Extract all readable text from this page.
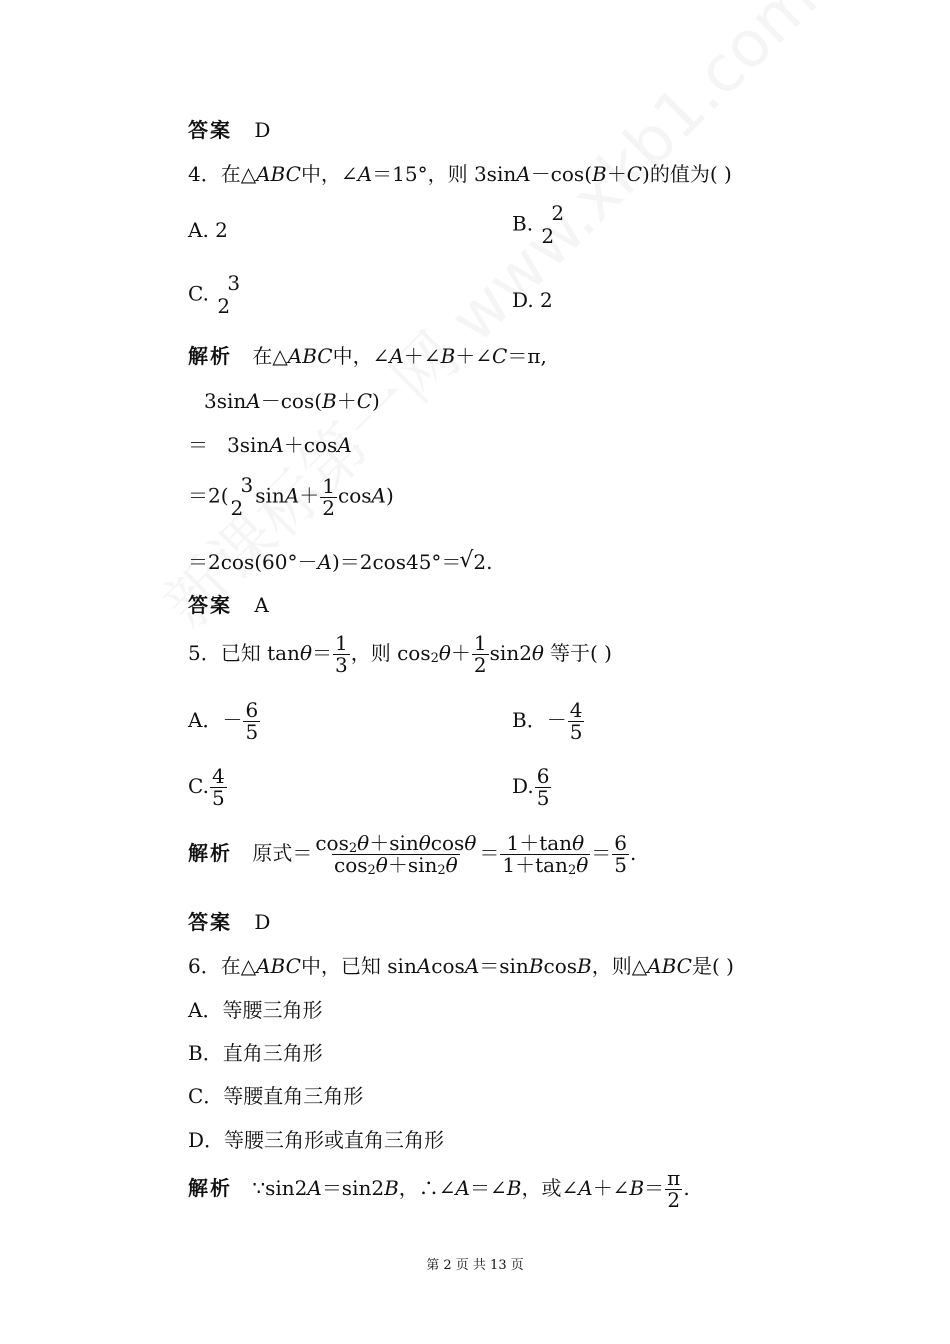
答案 D
4．在△ABC中，∠A＝15°，则 3sinA－cos(B＋C)的值为( )
A. 2	B. 2
2
C. 3
2	D. 2
解析 在△ABC中，∠A＋∠B＋∠C＝π,
3sinA－cos(B＋C)
＝   3sinA＋cosA
＝2( 3
2
$\sin A+ \frac{1}{2} \cos A$)
＝2cos(60°－A)＝2cos45°＝√ 2.
答案 A
5．已知 $\tan\theta= \frac{1}{3}$ ，则 $\cos 2\theta+ \frac{1}{2} \sin 2\theta$ 等于( )
A．－ $\frac{6}{5}$	B．－ $\frac{4}{5}$
C. $\frac{4}{5}$	D. $\frac{6}{5}$
解析 原式＝ $\frac{\cos 2\theta+\sin\theta\cos\theta}{\cos 2\theta+\sin 2\theta} = \frac{1+\tan\theta}{1+\tan 2\theta} = \frac{6}{5}$ .
答案 D
6．在△ABC中，已知 sinAcosA＝sinBcosB，则△ABC是( )
A．等腰三角形
B．直角三角形
C．等腰直角三角形
D．等腰三角形或直角三角形
解析 ∵sin2A＝sin2B，∴∠A＝∠B，或∠A＋∠B＝ $\frac{\pi}{2}$ .
第 2 页 共 13 页
